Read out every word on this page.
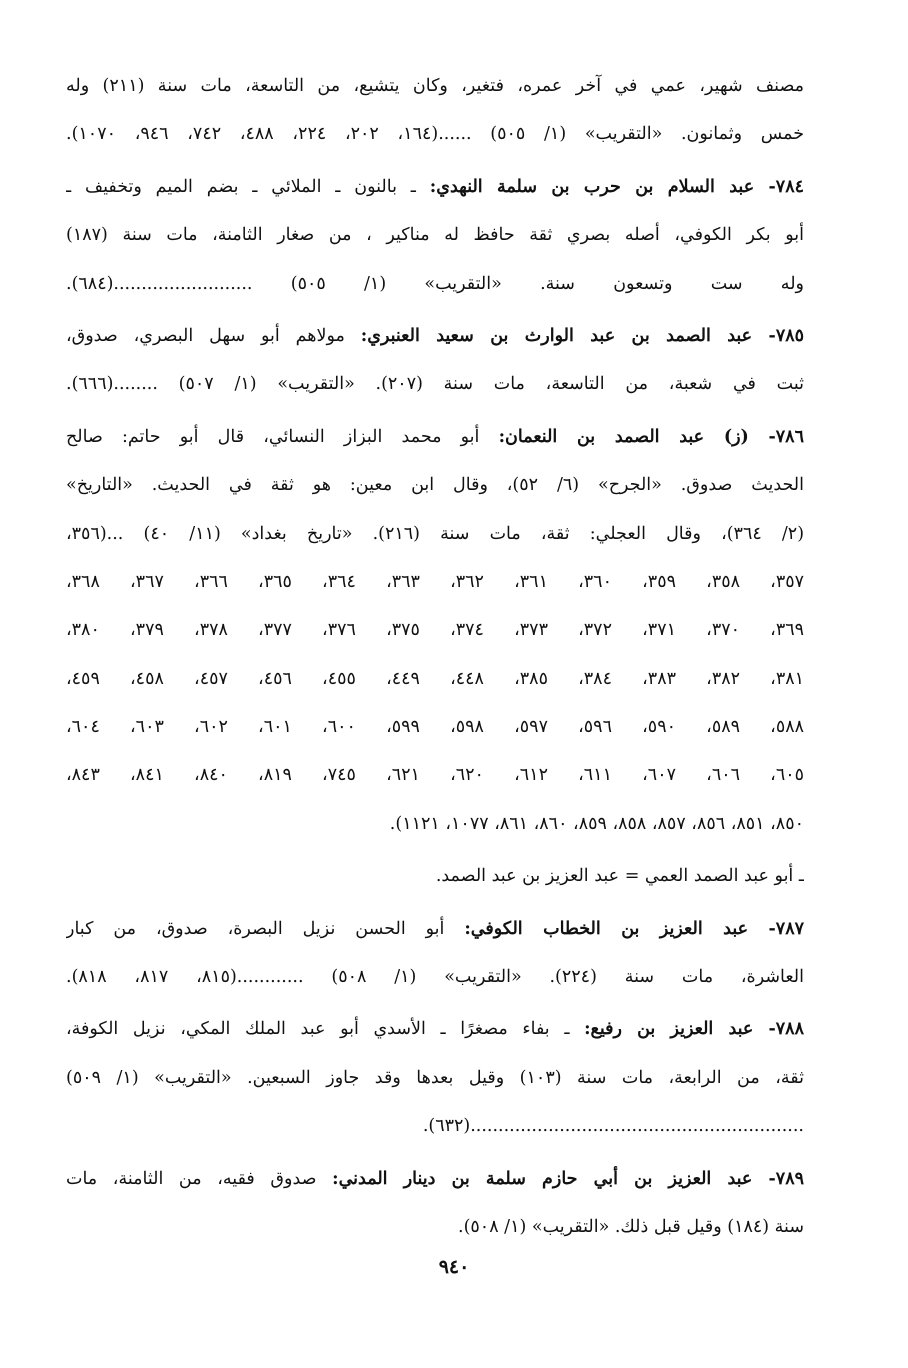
مصنف شهير، عمي في آخر عمره، فتغير، وكان يتشيع، من التاسعة، مات سنة (٢١١) وله
خمس وثمانون. «التقريب» (١/ ٥٠٥) ......(١٦٤، ٢٠٢، ٢٢٤، ٤٨٨، ٧٤٢، ٩٤٦، ١٠٧٠).
٧٨٤- عبد السلام بن حرب بن سلمة النهدي: ـ بالنون ـ الملائي ـ بضم الميم وتخفيف ـ
أبو بكر الكوفي، أصله بصري ثقة حافظ له مناكير ، من صغار الثامنة، مات سنة (١٨٧)
وله ست وتسعون سنة. «التقريب» (١/ ٥٠٥) .........................(٦٨٤).
٧٨٥- عبد الصمد بن عبد الوارث بن سعيد العنبري: مولاهم أبو سهل البصري، صدوق،
ثبت في شعبة، من التاسعة، مات سنة (٢٠٧). «التقريب» (١/ ٥٠٧) ........(٦٦٦).
٧٨٦- (ز) عبد الصمد بن النعمان: أبو محمد البزاز النسائي، قال أبو حاتم: صالح
الحديث صدوق. «الجرح» (٦/ ٥٢)، وقال ابن معين: هو ثقة في الحديث. «التاريخ»
(٢/ ٣٦٤)، وقال العجلي: ثقة، مات سنة (٢١٦). «تاريخ بغداد» (١١/ ٤٠) ...(٣٥٦،
٣٥٧، ٣٥٨، ٣٥٩، ٣٦٠، ٣٦١، ٣٦٢، ٣٦٣، ٣٦٤، ٣٦٥، ٣٦٦، ٣٦٧، ٣٦٨،
٣٦٩، ٣٧٠، ٣٧١، ٣٧٢، ٣٧٣، ٣٧٤، ٣٧٥، ٣٧٦، ٣٧٧، ٣٧٨، ٣٧٩، ٣٨٠،
٣٨١، ٣٨٢، ٣٨٣، ٣٨٤، ٣٨٥، ٤٤٨، ٤٤٩، ٤٥٥، ٤٥٦، ٤٥٧، ٤٥٨، ٤٥٩،
٥٨٨، ٥٨٩، ٥٩٠، ٥٩٦، ٥٩٧، ٥٩٨، ٥٩٩، ٦٠٠، ٦٠١، ٦٠٢، ٦٠٣، ٦٠٤،
٦٠٥، ٦٠٦، ٦٠٧، ٦١١، ٦١٢، ٦٢٠، ٦٢١، ٧٤٥، ٨١٩، ٨٤٠، ٨٤١، ٨٤٣،
٨٥٠، ٨٥١، ٨٥٦، ٨٥٧، ٨٥٨، ٨٥٩، ٨٦٠، ٨٦١، ١٠٧٧، ١١٢١).
ـ أبو عبد الصمد العمي = عبد العزيز بن عبد الصمد.
٧٨٧- عبد العزيز بن الخطاب الكوفي: أبو الحسن نزيل البصرة، صدوق، من كبار
العاشرة، مات سنة (٢٢٤). «التقريب» (١/ ٥٠٨) ............(٨١٥، ٨١٧، ٨١٨).
٧٨٨- عبد العزيز بن رفيع: ـ بفاء مصغرًا ـ الأسدي أبو عبد الملك المكي، نزيل الكوفة،
ثقة، من الرابعة، مات سنة (١٠٣) وقيل بعدها وقد جاوز السبعين. «التقريب» (١/ ٥٠٩)
............................................................(٦٣٢).
٧٨٩- عبد العزيز بن أبي حازم سلمة بن دينار المدني: صدوق فقيه، من الثامنة، مات
سنة (١٨٤) وقيل قبل ذلك. «التقريب» (١/ ٥٠٨).
٩٤٠
